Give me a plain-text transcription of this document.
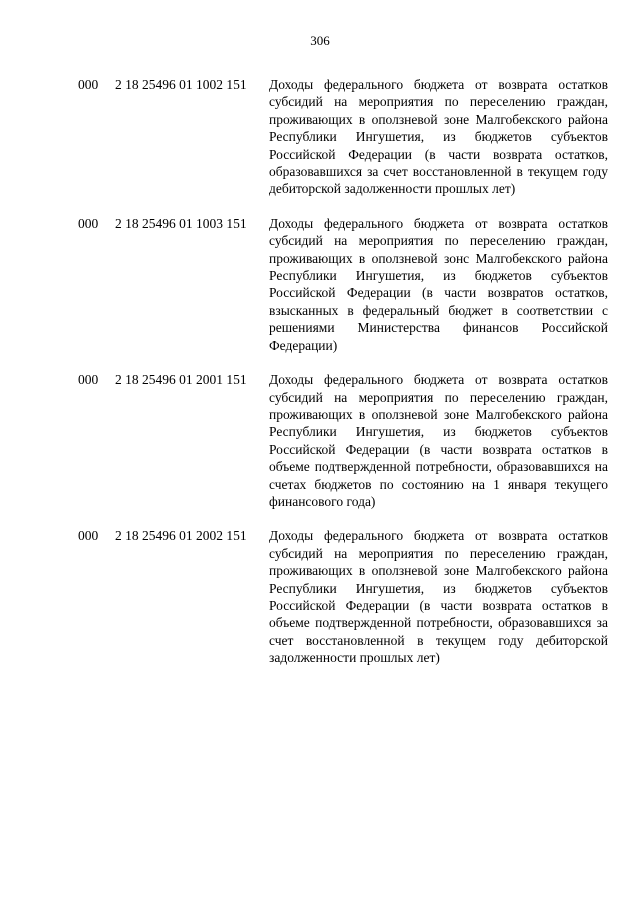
306
000	2 18 25496 01 1002 151	Доходы федерального бюджета от возврата остатков субсидий на мероприятия по переселению граждан, проживающих в оползневой зоне Малгобекского района Республики Ингушетия, из бюджетов субъектов Российской Федерации (в части возврата остатков, образовавшихся за счет восстановленной в текущем году дебиторской задолженности прошлых лет)
000	2 18 25496 01 1003 151	Доходы федерального бюджета от возврата остатков субсидий на мероприятия по переселению граждан, проживающих в оползневой зонс Малгобекского района Республики Ингушетия, из бюджетов субъектов Российской Федерации (в части возвратов остатков, взысканных в федеральный бюджет в соответствии с решениями Министерства финансов Российской Федерации)
000	2 18 25496 01 2001 151	Доходы федерального бюджета от возврата остатков субсидий на мероприятия по переселению граждан, проживающих в оползневой зоне Малгобекского района Республики Ингушетия, из бюджетов субъектов Российской Федерации (в части возврата остатков в объеме подтвержденной потребности, образовавшихся на счетах бюджетов по состоянию на 1 января текущего финансового года)
000	2 18 25496 01 2002 151	Доходы федерального бюджета от возврата остатков субсидий на мероприятия по переселению граждан, проживающих в оползневой зоне Малгобекского района Республики Ингушетия, из бюджетов субъектов Российской Федерации (в части возврата остатков в объеме подтвержденной потребности, образовавшихся за счет восстановленной в текущем году дебиторской задолженности прошлых лет)
